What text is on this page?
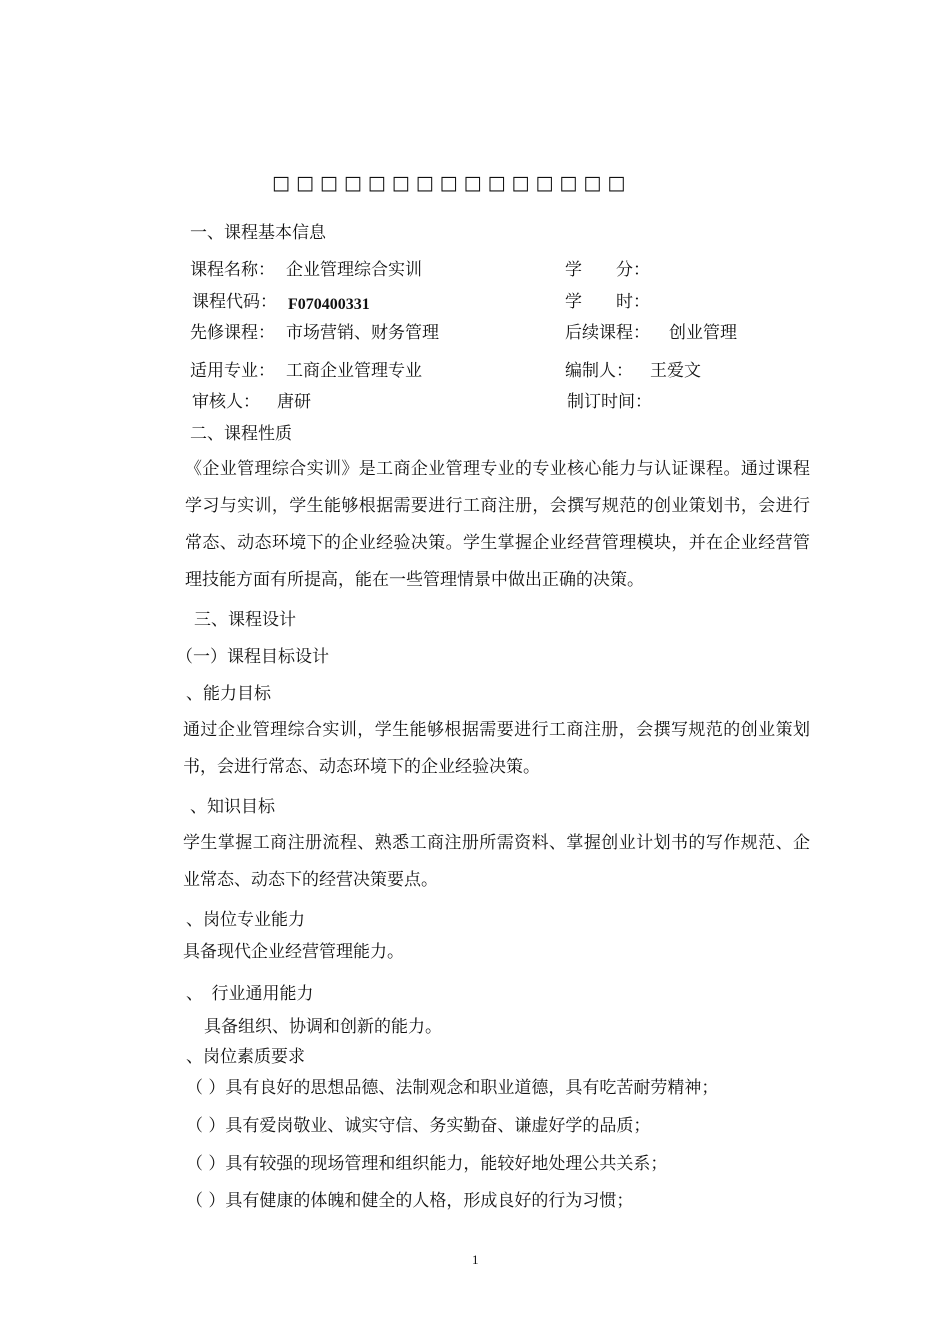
□□□□□□□□□□□□□□□
一、课程基本信息
课程名称： 企业管理综合实训	学　　分：
课程代码： F070400331	学　　时：
先修课程： 市场营销、财务管理	后续课程： 创业管理
适用专业： 工商企业管理专业	编制人： 王爱文
审核人： 唐研	制订时间：
二、课程性质
《企业管理综合实训》是工商企业管理专业的专业核心能力与认证课程。通过课程学习与实训，学生能够根据需要进行工商注册，会撰写规范的创业策划书，会进行常态、动态环境下的企业经验决策。学生掌握企业经营管理模块，并在企业经营管理技能方面有所提高，能在一些管理情景中做出正确的决策。
三、课程设计
（一）课程目标设计
、能力目标
通过企业管理综合实训，学生能够根据需要进行工商注册，会撰写规范的创业策划书，会进行常态、动态环境下的企业经验决策。
、知识目标
学生掌握工商注册流程、熟悉工商注册所需资料、掌握创业计划书的写作规范、企业常态、动态下的经营决策要点。
、岗位专业能力
具备现代企业经营管理能力。
、　行业通用能力
具备组织、协调和创新的能力。
、岗位素质要求
（ ）具有良好的思想品德、法制观念和职业道德，具有吃苦耐劳精神；
（ ）具有爱岗敬业、诚实守信、务实勤奋、谦虚好学的品质；
（ ）具有较强的现场管理和组织能力，能较好地处理公共关系；
（ ）具有健康的体魄和健全的人格，形成良好的行为习惯；
1
